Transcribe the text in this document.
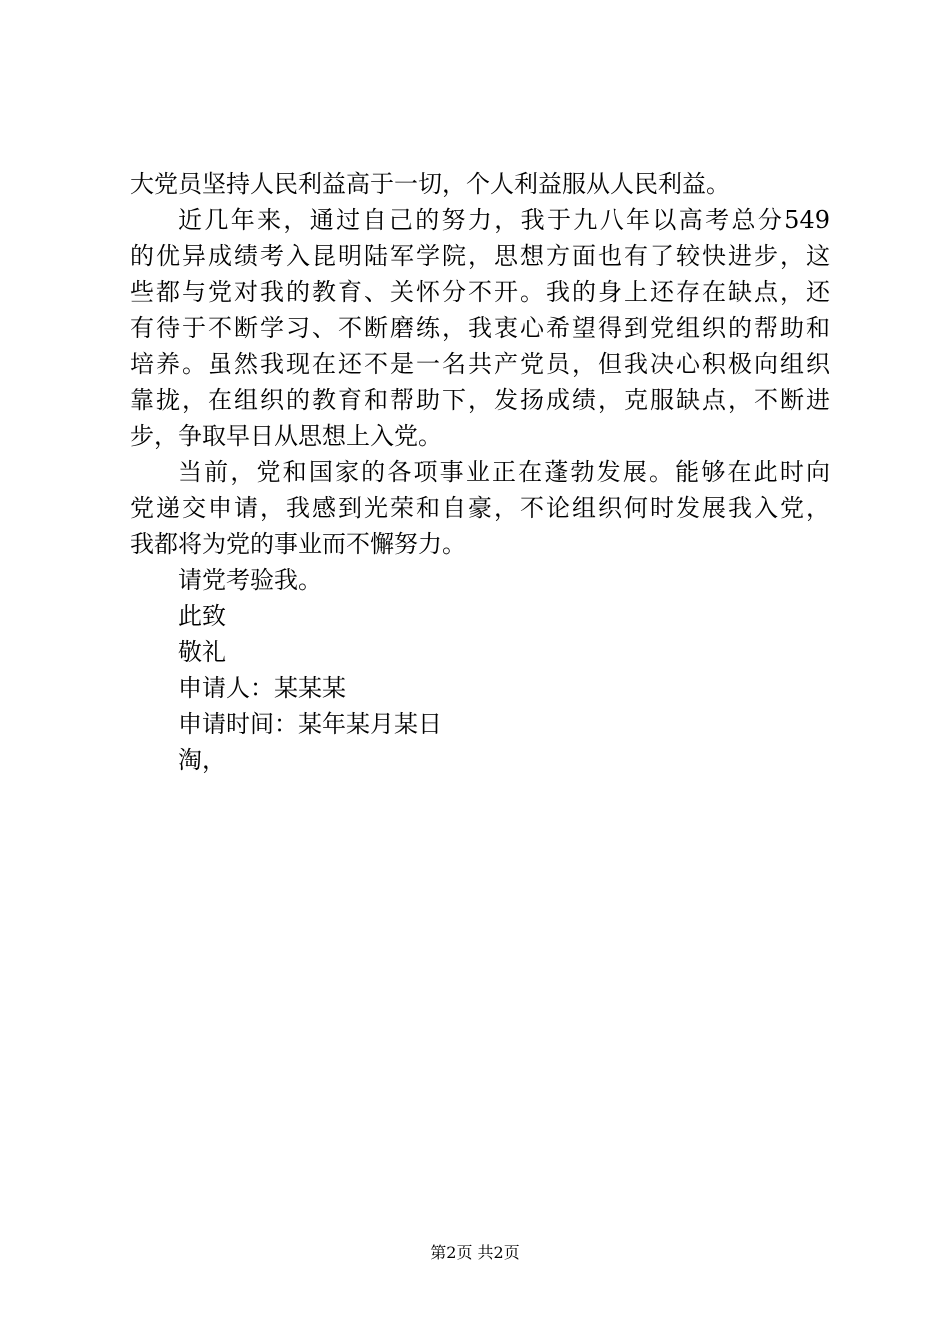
大党员坚持人民利益高于一切，个人利益服从人民利益。
近几年来，通过自己的努力，我于九八年以高考总分549
的优异成绩考入昆明陆军学院，思想方面也有了较快进步，这
些都与党对我的教育、关怀分不开。我的身上还存在缺点，还
有待于不断学习、不断磨练，我衷心希望得到党组织的帮助和
培养。虽然我现在还不是一名共产党员，但我决心积极向组织
靠拢，在组织的教育和帮助下，发扬成绩，克服缺点，不断进
步，争取早日从思想上入党。
当前，党和国家的各项事业正在蓬勃发展。能够在此时向
党递交申请，我感到光荣和自豪，不论组织何时发展我入党，
我都将为党的事业而不懈努力。
请党考验我。
此致
敬礼
申请人：某某某
申请时间：某年某月某日
淘，
第2页 共2页
